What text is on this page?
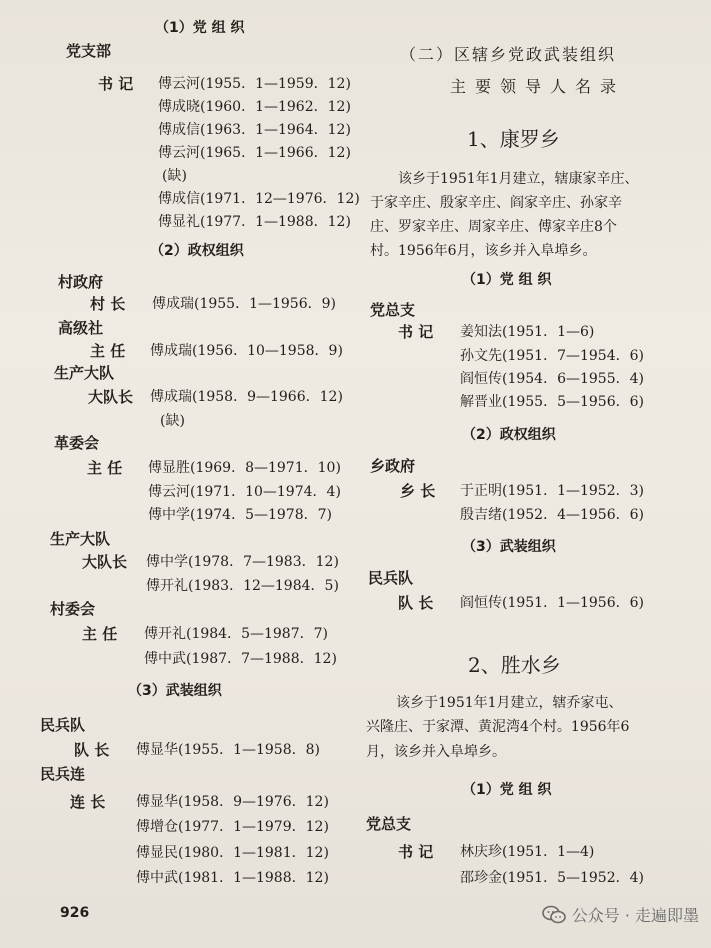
（1）党 组 织
党支部
书 记 傅云河(1955．1—1959．12)
傅成晓(1960．1—1962．12)
傅成信(1963．1—1964．12)
傅云河(1965．1—1966．12)
(缺)
傅成信(1971．12—1976．12)
傅显礼(1977．1—1988．12)
（2）政权组织
村政府
村 长 傅成瑞(1955．1—1956．9)
高级社
主 任 傅成瑞(1956．10—1958．9)
生产大队
大队长 傅成瑞(1958．9—1966．12)
(缺)
革委会
主 任 傅显胜(1969．8—1971．10)
傅云河(1971．10—1974．4)
傅中学(1974．5—1978．7)
生产大队
大队长 傅中学(1978．7—1983．12)
傅开礼(1983．12—1984．5)
村委会
主 任 傅开礼(1984．5—1987．7)
傅中武(1987．7—1988．12)
（3）武装组织
民兵队
队 长 傅显华(1955．1—1958．8)
民兵连
连 长 傅显华(1958．9—1976．12)
傅增仓(1977．1—1979．12)
傅显民(1980．1—1981．12)
傅中武(1981．1—1988．12)
926
（二）区辖乡党政武装组织
主要领导人名录
1、康罗乡
该乡于1951年1月建立，辖康家辛庄、
于家辛庄、殷家辛庄、阎家辛庄、孙家辛
庄、罗家辛庄、周家辛庄、傅家辛庄8个
村。1956年6月，该乡并入阜埠乡。
（1）党 组 织
党总支
书 记 姜知法(1951．1—6)
孙文先(1951．7—1954．6)
阎恒传(1954．6—1955．4)
解晋业(1955．5—1956．6)
（2）政权组织
乡政府
乡 长 于正明(1951．1—1952．3)
殷吉绪(1952．4—1956．6)
（3）武装组织
民兵队
队 长 阎恒传(1951．1—1956．6)
2、胜水乡
该乡于1951年1月建立，辖乔家屯、
兴隆庄、于家潭、黄泥湾4个村。1956年6
月，该乡并入阜埠乡。
（1）党 组 织
党总支
书 记 林庆珍(1951．1—4)
邵珍金(1951．5—1952．4)
公众号 · 走遍即墨
